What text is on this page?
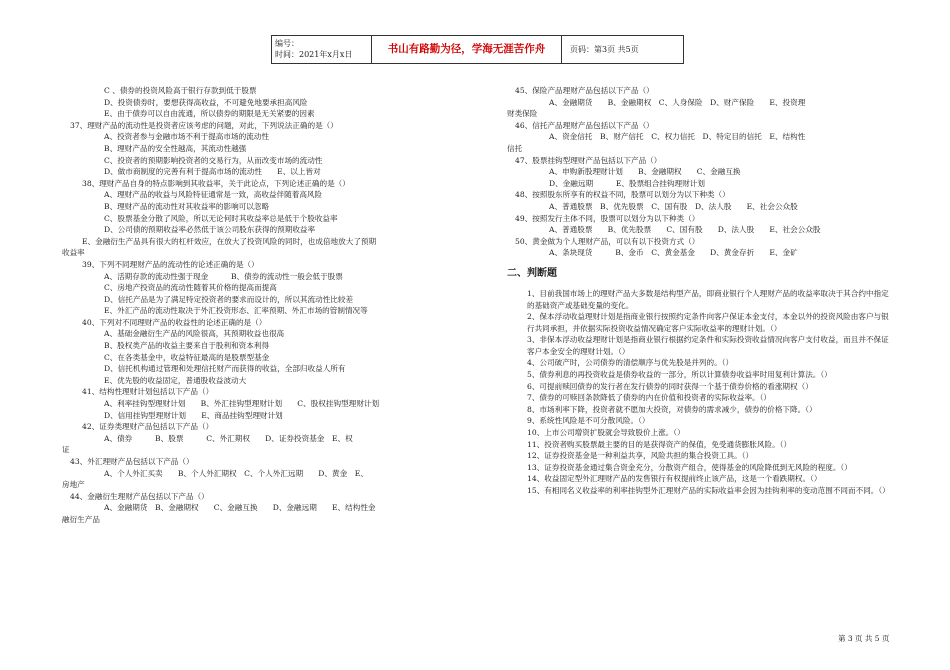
编号：
时间：2021年x月x日	书山有路勤为径，学海无涯苦作舟	页码：第3页 共5页
C 、债券的投资风险高于银行存款到低于股票
D、投资债券时，要想获得高收益，不可避免地要承担高风险
E、由于债券可以自由流通，所以债券的期限是无关紧要的因素
37、理财产品的流动性是投资者应该考虑的问题，对此，下列说法正确的是（）
A、投资者参与金融市场不利于提高市场的流动性
B、理财产品的安全性越高，其流动性越强
C、投资者的预期影响投资者的交易行为，从而改变市场的流动性
D、做市商制度的完善有利于提高市场的流动性　　E、以上皆对
38、理财产品自身的特点影响到其收益率，关于此论点，下列论述正确的是（）
A、理财产品的收益与风险特征通常是一致，高收益伴随着高风险
B、理财产品的流动性对其收益率的影响可以忽略
C、股票基金分散了风险，所以无论何时其收益率总是低于个股收益率
D、公司债的预期收益率必然低于该公司股东获得的预期收益率
E、金融衍生产品具有很大的杠杆效应，在放大了投资风险的同时，也成倍地放大了预期
收益率
39、下列不同理财产品的流动性的论述正确的是（）
A、活期存款的流动性强于现金　　　B、债券的流动性一般会低于股票
C、房地产投资品的流动性随着其价格的提高而提高
D、信托产品是为了满足特定投资者的要求而设计的，所以其流动性比较差
E、外汇产品的流动性取决于外汇投资形态、汇率预期、外汇市场的管制情况等
40、下列对不同理财产品的收益性的论述正确的是（）
A、基础金融衍生产品的风险很高，其预期收益也很高
B、股权类产品的收益主要来自于股利和资本利得
C、在各类基金中，收益特征最高的是股票型基金
D、信托机构通过管理和处理信托财产而获得的收益，全部归收益人所有
E、优先股的收益固定，普通股收益波动大
41、结构性理财计划包括以下产品（）
A、利率挂钩型理财计划　　B、外汇挂钩型理财计划　　C、股权挂钩型理财计划
D、信用挂钩型理财计划　　E、商品挂钩型理财计划
42、证券类理财产品包括以下产品（）
A、债券　　　B、股票　　　C、外汇期权　　D、证券投资基金　E、权
证
43、外汇理财产品包括以下产品（）
A、个人外汇买卖　　B、个人外汇期权　C、个人外汇远期　　D、黄金　E、
房地产
44、金融衍生理财产品包括以下产品（）
A、金融期货　B、金融期权　　C、金融互换　　D、金融远期　　E、结构性金
融衍生产品
45、保险产品理财产品包括以下产品（）
A、金融期货　　B、金融期权　C、人身保险　D、财产保险　　E、投资理
财类保险
46、信托产品理财产品包括以下产品（）
A、资金信托　B、财产信托　C、权力信托　D、特定目的信托　E、结构性
信托
47、股票挂钩型理财产品包括以下产品（）
A、申购新股理财计划　　B、金融期权　　C、金融互换
D、金融远期　　　E、股票组合挂钩理财计划
48、按照股东所享有的权益不同，股票可以划分为以下种类（）
A、普通股票　B、优先股票　C、国有股　D、法人股　　E、社会公众股
49、按照发行主体不同，股票可以划分为以下种类（）
A、普通股票　　B、优先股票　　C、国有股　　D、法人股　　E、社会公众股
50、黄金做为个人理财产品，可以有以下投资方式（）
A、条块现货　　　B、金币　C、黄金基金　　D、黄金存折　　E、金矿
二、判断题
1、目前我国市场上的理财产品大多数是结构型产品，即商业银行个人理财产品的收益率取决于其合约中指定的基础资产或基础变量的变化。
2、保本浮动收益理财计划是指商业银行按照约定条件向客户保证本金支付，本金以外的投资风险由客户与银行共同承担，并依据实际投资收益情况确定客户实际收益率的理财计划。（）
3、非保本浮动收益理财计划是指商业银行根据约定条件和实际投资收益情况向客户支付收益，而且并不保证客户本金安全的理财计划。（）
4、公司破产时，公司债券的清偿顺序与优先股是并列的。（）
5、债券利息的再投资收益是债券收益的一部分，所以计算债券收益率时用复利计算法。（）
6、可提前赎回债券的发行者在发行债券的同时获得一个基于债券价格的看涨期权（）
7、债券的可赎回条款降低了债券的内在价值和投资者的实际收益率。（）
8、市场利率下降，投资者就不愿加大投资，对债券的需求减少，债券的价格下降。（）
9、系统性风险是不可分散风险。（）
10、上市公司增资扩股就会导致股价上涨。（）
11、投资者购买股票最主要的目的是获得资产的保值，免受通货膨胀风险。（）
12、证券投资基金是一种利益共享，风险共担的集合投资工具。（）
13、证券投资基金通过集合资金充分，分散资产组合，使得基金的风险降低到无风险的程度。（）
14、收益固定型外汇理财产品的发售银行有权提前终止该产品，这是一个看跌期权。（）
15、有相同名义收益率的利率挂钩型外汇理财产品的实际收益率会因为挂钩利率的变动范围不同而不同。（）
第 3 页 共 5 页
